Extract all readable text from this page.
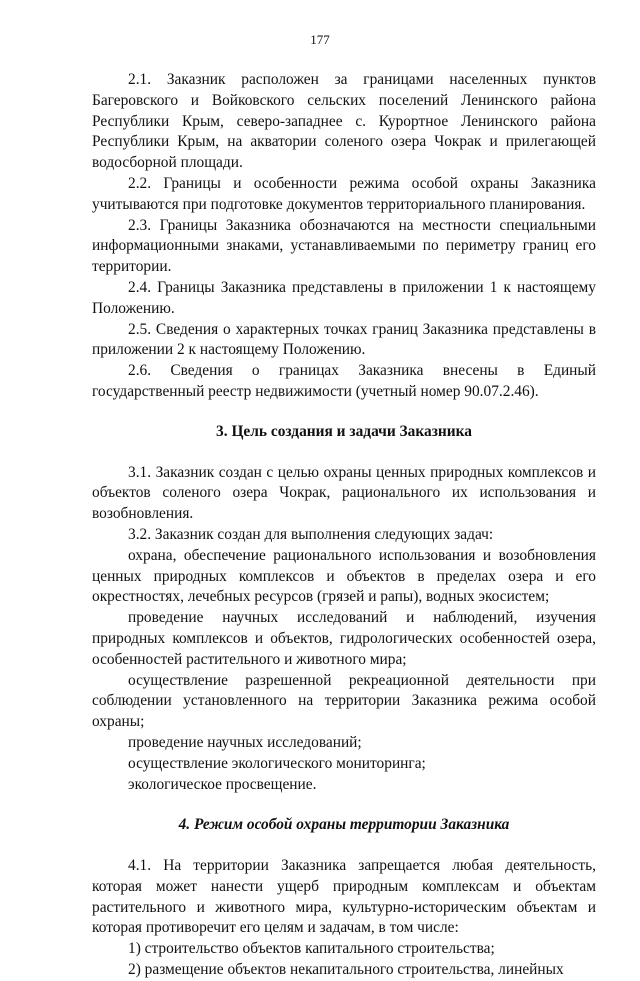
177

2.1. Заказник расположен за границами населенных пунктов Багеровского и Войковского сельских поселений Ленинского района Республики Крым, северо-западнее с. Курортное Ленинского района Республики Крым, на акватории соленого озера Чокрак и прилегающей водосборной площади.

2.2. Границы и особенности режима особой охраны Заказника учитываются при подготовке документов территориального планирования.

2.3. Границы Заказника обозначаются на местности специальными информационными знаками, устанавливаемыми по периметру границ его территории.

2.4. Границы Заказника представлены в приложении 1 к настоящему Положению.

2.5. Сведения о характерных точках границ Заказника представлены в приложении 2 к настоящему Положению.

2.6. Сведения о границах Заказника внесены в Единый государственный реестр недвижимости (учетный номер 90.07.2.46).

3. Цель создания и задачи Заказника

3.1. Заказник создан с целью охраны ценных природных комплексов и объектов соленого озера Чокрак, рационального их использования и возобновления.

3.2. Заказник создан для выполнения следующих задач:

охрана, обеспечение рационального использования и возобновления ценных природных комплексов и объектов в пределах озера и его окрестностях, лечебных ресурсов (грязей и рапы), водных экосистем;

проведение научных исследований и наблюдений, изучения природных комплексов и объектов, гидрологических особенностей озера, особенностей растительного и животного мира;

осуществление разрешенной рекреационной деятельности при соблюдении установленного на территории Заказника режима особой охраны;

проведение научных исследований;

осуществление экологического мониторинга;

экологическое просвещение.

4. Режим особой охраны территории Заказника

4.1. На территории Заказника запрещается любая деятельность, которая может нанести ущерб природным комплексам и объектам растительного и животного мира, культурно-историческим объектам и которая противоречит его целям и задачам, в том числе:

1) строительство объектов капитального строительства;

2) размещение объектов некапитального строительства, линейных
